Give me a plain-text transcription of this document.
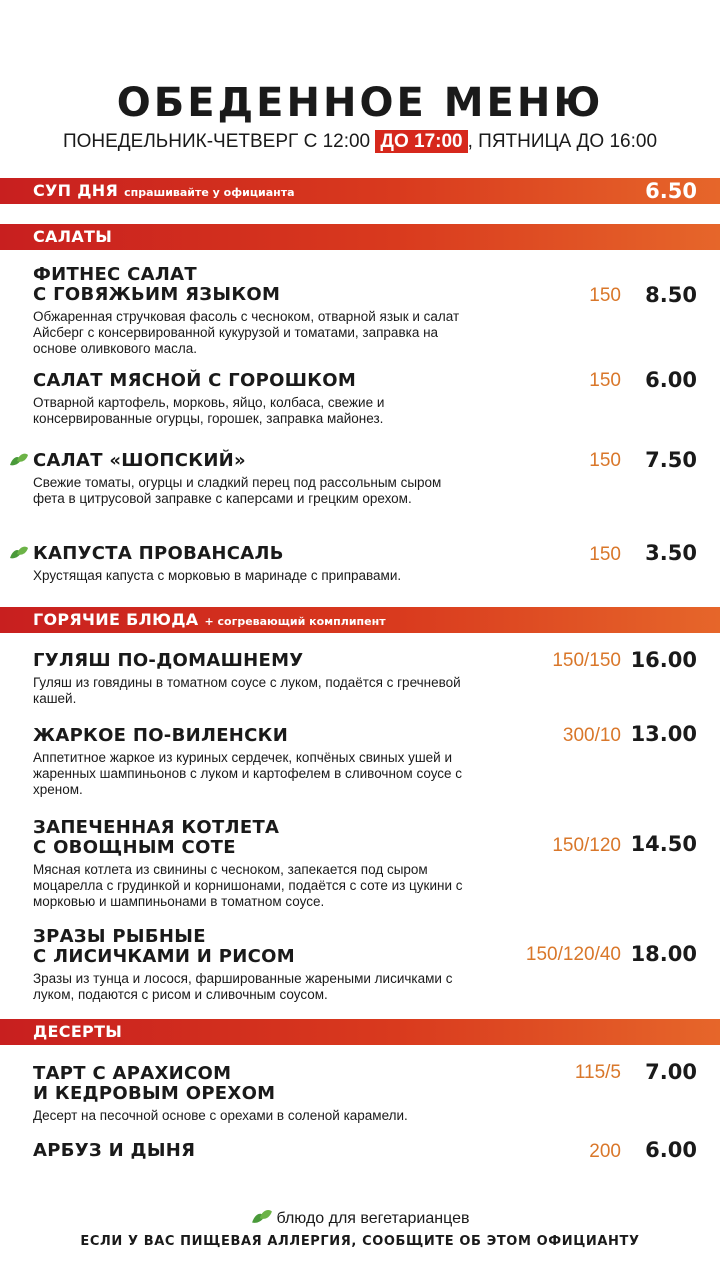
ОБЕДЕННОЕ МЕНЮ
ПОНЕДЕЛЬНИК-ЧЕТВЕРГ С 12:00 ДО 17:00 , ПЯТНИЦА ДО 16:00
СУП ДНЯ спрашивайте у официанта	6.50
САЛАТЫ
ФИТНЕС САЛАТ
С ГОВЯЖЬИМ ЯЗЫКОМ
Обжаренная стручковая фасоль с чесноком, отварной язык и салат Айсберг с консервированной кукурузой и томатами, заправка на основе оливкового масла.
150 8.50
САЛАТ МЯСНОЙ С ГОРОШКОМ
Отварной картофель, морковь, яйцо, колбаса, свежие и консервированные огурцы, горошек, заправка майонез.
150 6.00
САЛАТ «ШОПСКИЙ»
Свежие томаты, огурцы и сладкий перец под рассольным сыром фета в цитрусовой заправке с каперсами и грецким орехом.
150 7.50
КАПУСТА ПРОВАНСАЛЬ
Хрустящая капуста с морковью в маринаде с приправами.
150 3.50
ГОРЯЧИЕ БЛЮДА + согревающий комплипент
ГУЛЯШ ПО-ДОМАШНЕМУ
Гуляш из говядины в томатном соусе с луком, подаётся с гречневой кашей.
150/150 16.00
ЖАРКОЕ ПО-ВИЛЕНСКИ
Аппетитное жаркое из куриных сердечек, копчёных свиных ушей и жаренных шампиньонов с луком и картофелем в сливочном соусе с хреном.
300/10 13.00
ЗАПЕЧЕННАЯ КОТЛЕТА
С ОВОЩНЫМ СОТЕ
Мясная котлета из свинины с чесноком, запекается под сыром моцарелла с грудинкой и корнишонами, подаётся с соте из цукини с морковью и шампиньонами в томатном соусе.
150/120 14.50
ЗРАЗЫ РЫБНЫЕ
С ЛИСИЧКАМИ И РИСОМ
Зразы из тунца и лосося, фаршированные жареными лисичками с луком, подаются с рисом и сливочным соусом.
150/120/40 18.00
ДЕСЕРТЫ
ТАРТ С АРАХИСОМ
И КЕДРОВЫМ ОРЕХОМ
Десерт на песочной основе с орехами в соленой карамели.
115/5 7.00
АРБУЗ И ДЫНЯ	200 6.00
блюдо для вегетарианцев
ЕСЛИ У ВАС ПИЩЕВАЯ АЛЛЕРГИЯ, СООБЩИТЕ ОБ ЭТОМ ОФИЦИАНТУ
